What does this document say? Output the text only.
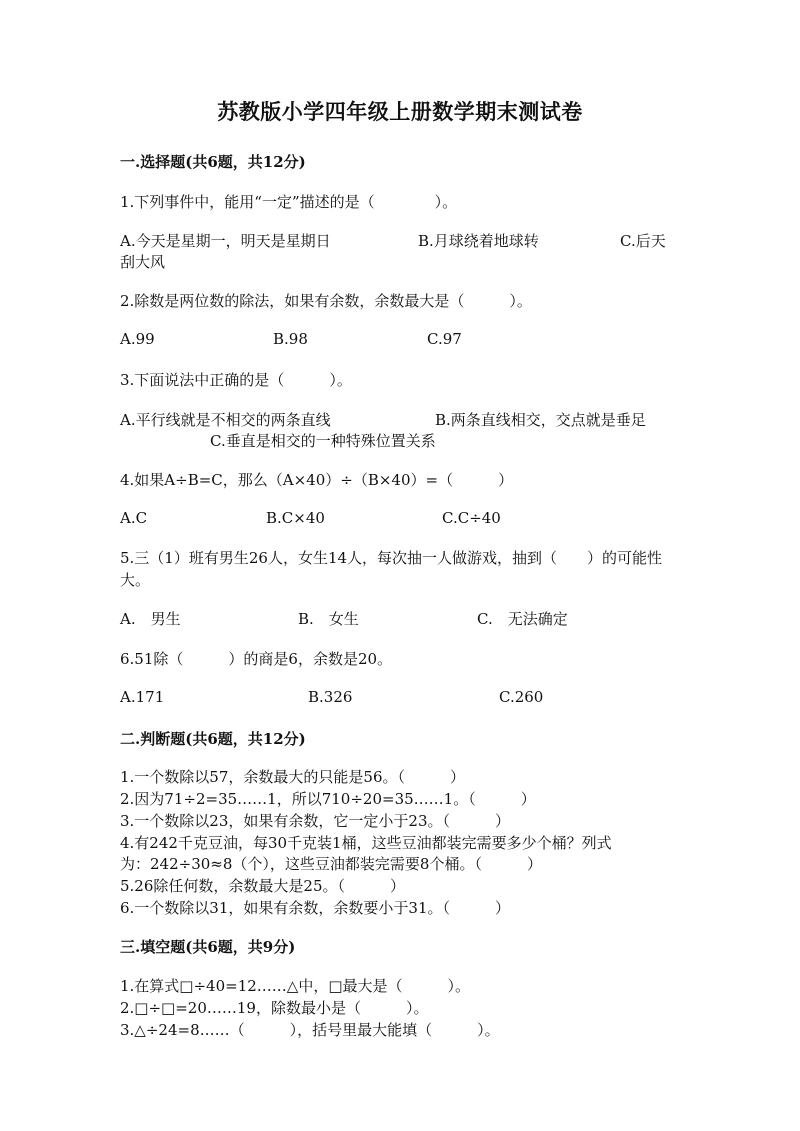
苏教版小学四年级上册数学期末测试卷
一.选择题(共6题，共12分)
1.下列事件中，能用“一定”描述的是（　　　　）。
A.今天是星期一，明天是星期日	B.月球绕着地球转	C.后天
刮大风
2.除数是两位数的除法，如果有余数，余数最大是（　　　）。
A.99	B.98	C.97
3.下面说法中正确的是（　　　）。
A.平行线就是不相交的两条直线	B.两条直线相交，交点就是垂足
C.垂直是相交的一种特殊位置关系
4.如果A÷B=C，那么（A×40）÷（B×40）=（　　　）
A.C	B.C×40	C.C÷40
5.三（1）班有男生26人，女生14人，每次抽一人做游戏，抽到（　　）的可能性大。
A.　男生	B.　女生	C.　无法确定
6.51除（　　　）的商是6，余数是20。
A.171	B.326	C.260
二.判断题(共6题，共12分)
1.一个数除以57，余数最大的只能是56。（　　　）
2.因为71÷2=35……1，所以710÷20=35……1。（　　　）
3.一个数除以23，如果有余数，它一定小于23。（　　　）
4.有242千克豆油，每30千克装1桶，这些豆油都装完需要多少个桶？列式
为：242÷30≈8（个），这些豆油都装完需要8个桶。（　　　）
5.26除任何数，余数最大是25。（　　　）
6.一个数除以31，如果有余数，余数要小于31。（　　　）
三.填空题(共6题，共9分)
1.在算式□÷40=12……△中，□最大是（　　　）。
2.□÷□=20……19，除数最小是（　　　）。
3.△÷24=8……（　　　），括号里最大能填（　　　）。
